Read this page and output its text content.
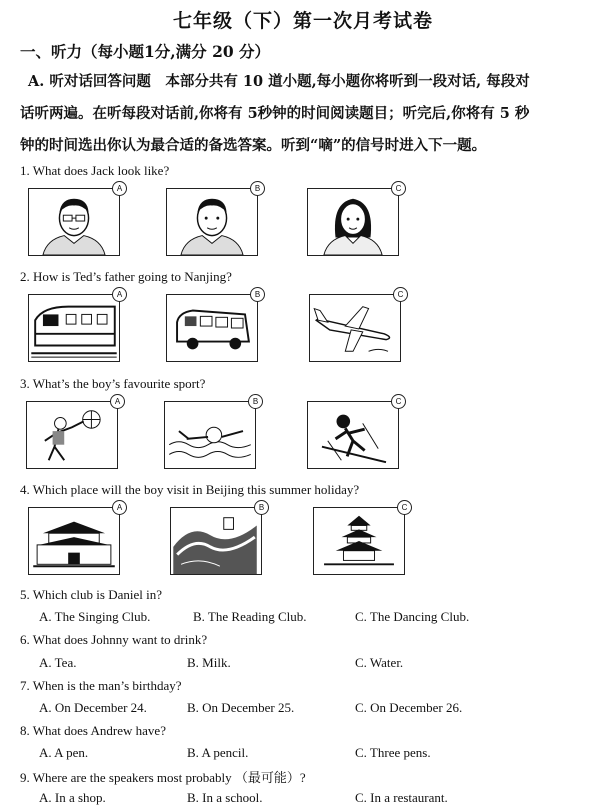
七年级（下）第一次月考试卷
一、听力（每小题1分,满分 20 分）
A. 听对话回答问题　本部分共有 10 道小题,每小题你将听到一段对话, 每段对
话听两遍。在听每段对话前,你将有 5秒钟的时间阅读题目；听完后,你将有 5 秒
钟的时间选出你认为最合适的备选答案。听到“嘀”的信号时进入下一题。
1. What does Jack look like?
A	B	C
2. How is Ted’s father going to Nanjing?
A	B	C
3. What’s the boy’s favourite sport?
A	B	C
4. Which place will the boy visit in Beijing this summer holiday?
A	B	C
5. Which club is Daniel in?
A. The Singing Club.	B. The Reading Club.	C. The Dancing Club.
6. What does Johnny want to drink?
A. Tea.	B. Milk.	C. Water.
7. When is the man’s birthday?
A. On December 24.	B. On December 25.	C. On December 26.
8. What does Andrew have?
A. A pen.	B. A pencil.	C. Three pens.
9. Where are the speakers most probably （最可能）?
A. In a shop.	B. In a school.	C. In a restaurant.
